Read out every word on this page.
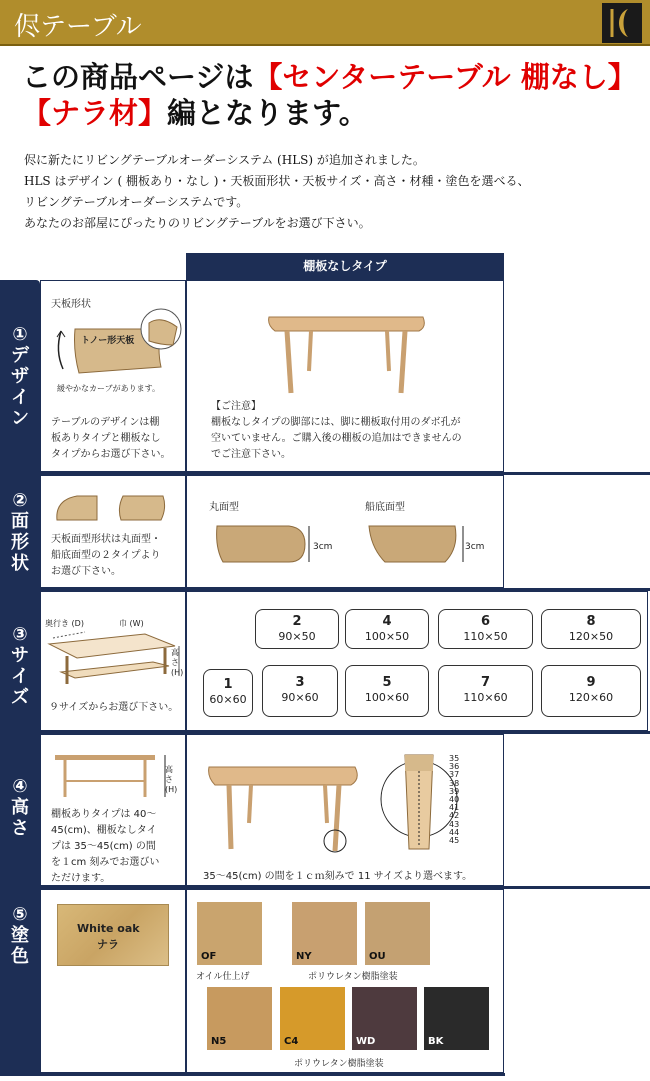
侭テーブル
この商品ページは【センターテーブル 棚なし】
【ナラ材】編となります。
侭に新たにリビングテーブルオーダーシステム (HLS) が追加されました。
HLS はデザイン ( 棚板あり・なし )・天板面形状・天板サイズ・高さ・材種・塗色を選べる、
リビングテーブルオーダーシステムです。
あなたのお部屋にぴったりのリビングテーブルをお選び下さい。
棚板なしタイプ
①
デ
ザ
イ
ン
②
面
形
状
③
サ
イ
ズ
④
高
さ
⑤
塗
色
天板形状
トノー形天板
緩やかなカーブがあります。
テーブルのデザインは棚
板ありタイプと棚板なし
タイプからお選び下さい。
【ご注意】
棚板なしタイプの脚部には、脚に棚板取付用のダボ孔が
空いていません。ご購入後の棚板の追加はできませんの
でご注意下さい。
天板面型形状は丸面型・
船底面型の２タイプより
お選び下さい。
丸面型	船底面型
3cm	3cm
奥行き (D)	巾 (W)
高さ(H)
９サイズからお選び下さい。
2
90×50
4
100×50
6
110×50
8
120×50
1
60×60
3
90×60
5
100×60
7
110×60
9
120×60
高さ(H)
棚板ありタイプは 40～
45(cm)、棚板なしタイ
プは 35～45(cm) の間
を１cm 刻みでお選びい
ただけます。
35
36
37
38
39
40
41
42
43
44
45
35～45(cm) の間を１ｃｍ刻みで 11 サイズより選べます。
White oak
ナラ
OF
オイル仕上げ
NY	OU
ポリウレタン樹脂塗装
N5	C4	WD	BK
ポリウレタン樹脂塗装
